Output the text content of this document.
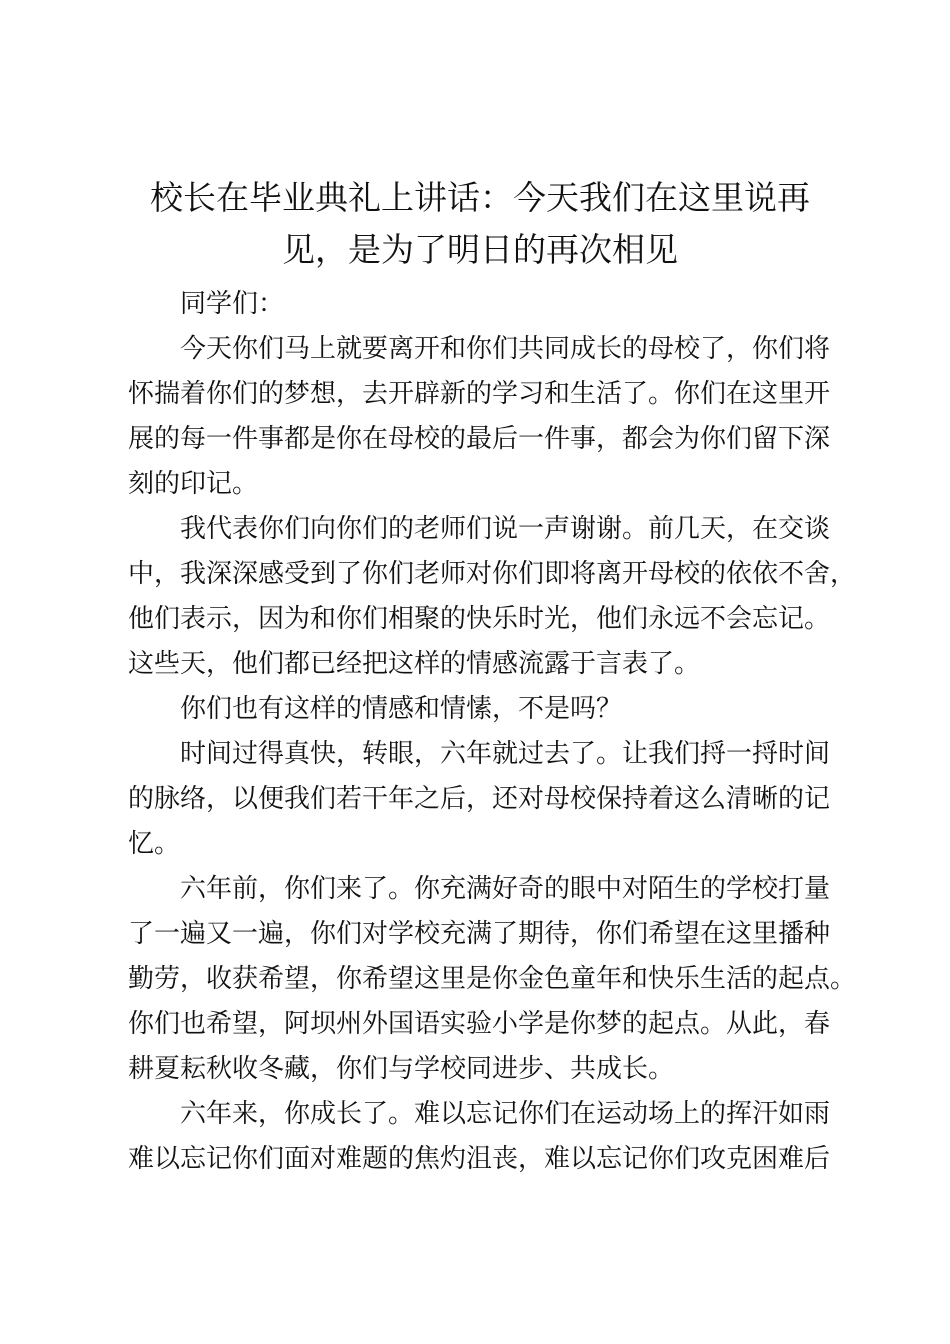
校长在毕业典礼上讲话：今天我们在这里说再
见，是为了明日的再次相见

同学们：

今天你们马上就要离开和你们共同成长的母校了，你们将
怀揣着你们的梦想，去开辟新的学习和生活了。你们在这里开
展的每一件事都是你在母校的最后一件事，都会为你们留下深
刻的印记。

我代表你们向你们的老师们说一声谢谢。前几天，在交谈
中，我深深感受到了你们老师对你们即将离开母校的依依不舍，
他们表示，因为和你们相聚的快乐时光，他们永远不会忘记。
这些天，他们都已经把这样的情感流露于言表了。

你们也有这样的情感和情愫，不是吗？

时间过得真快，转眼，六年就过去了。让我们捋一捋时间
的脉络，以便我们若干年之后，还对母校保持着这么清晰的记
忆。

六年前，你们来了。你充满好奇的眼中对陌生的学校打量
了一遍又一遍，你们对学校充满了期待，你们希望在这里播种
勤劳，收获希望，你希望这里是你金色童年和快乐生活的起点。
你们也希望，阿坝州外国语实验小学是你梦的起点。从此，春
耕夏耘秋收冬藏，你们与学校同进步、共成长。

六年来，你成长了。难以忘记你们在运动场上的挥汗如雨
难以忘记你们面对难题的焦灼沮丧，难以忘记你们攻克困难后
